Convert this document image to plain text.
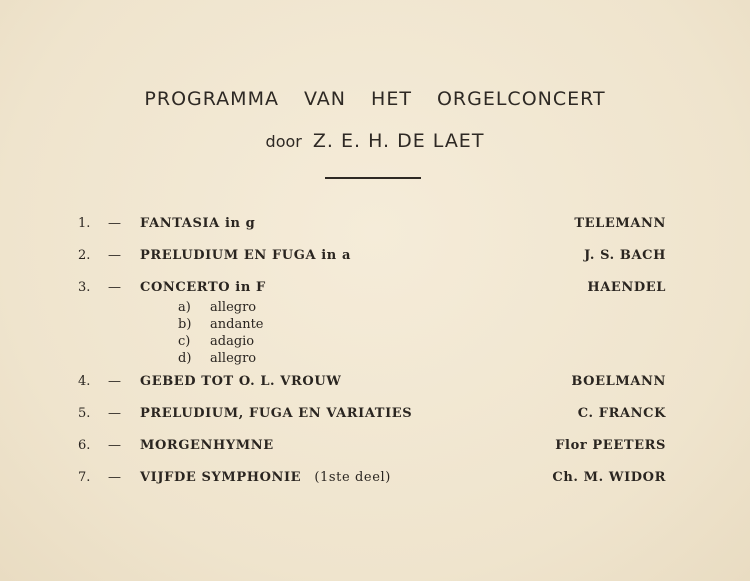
PROGRAMMA VAN HET ORGELCONCERT
door Z. E. H. DE LAET
1. — FANTASIA in g	TELEMANN
2. — PRELUDIUM EN FUGA in a	J. S. BACH
3. — CONCERTO in F	HAENDEL
a) allegro
b) andante
c) adagio
d) allegro
4. — GEBED TOT O. L. VROUW	BOELMANN
5. — PRELUDIUM, FUGA EN VARIATIES	C. FRANCK
6. — MORGENHYMNE	Flor PEETERS
7. — VIJFDE SYMPHONIE (1ste deel)	Ch. M. WIDOR
